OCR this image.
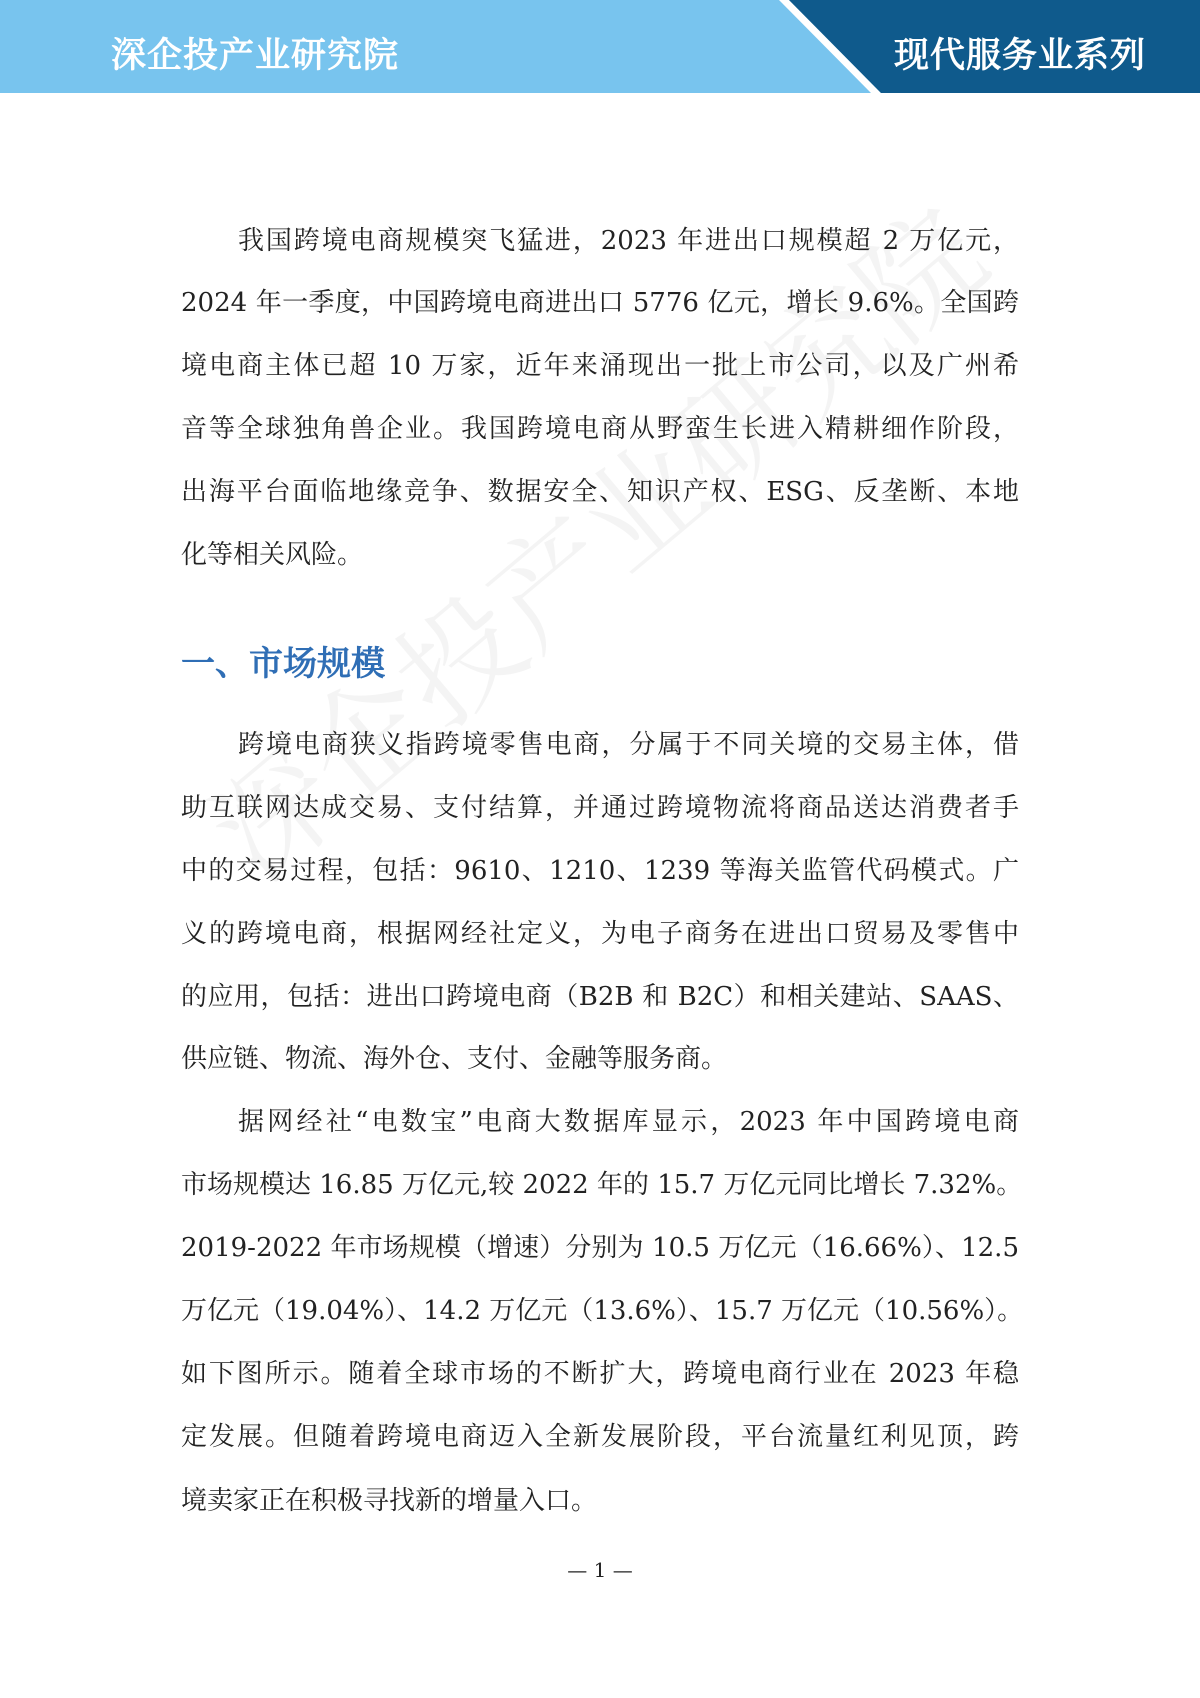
深企投产业研究院	现代服务业系列
我国跨境电商规模突飞猛进，2023 年进出口规模超 2 万亿元，
2024 年一季度，中国跨境电商进出口 5776 亿元，增长 9.6%。全国跨
境电商主体已超 10 万家，近年来涌现出一批上市公司，以及广州希
音等全球独角兽企业。我国跨境电商从野蛮生长进入精耕细作阶段，
出海平台面临地缘竞争、数据安全、知识产权、ESG、反垄断、本地
化等相关风险。
一、市场规模
跨境电商狭义指跨境零售电商，分属于不同关境的交易主体，借
助互联网达成交易、支付结算，并通过跨境物流将商品送达消费者手
中的交易过程，包括：9610、1210、1239 等海关监管代码模式。广
义的跨境电商，根据网经社定义，为电子商务在进出口贸易及零售中
的应用，包括：进出口跨境电商（B2B 和 B2C）和相关建站、SAAS、
供应链、物流、海外仓、支付、金融等服务商。
据网经社“电数宝”电商大数据库显示，2023 年中国跨境电商
市场规模达 16.85 万亿元,较 2022 年的 15.7 万亿元同比增长 7.32%。
2019-2022 年市场规模（增速）分别为 10.5 万亿元（16.66%）、12.5
万亿元（19.04%）、14.2 万亿元（13.6%）、15.7 万亿元（10.56%）。
如下图所示。随着全球市场的不断扩大，跨境电商行业在 2023 年稳
定发展。但随着跨境电商迈入全新发展阶段，平台流量红利见顶，跨
境卖家正在积极寻找新的增量入口。
— 1 —
